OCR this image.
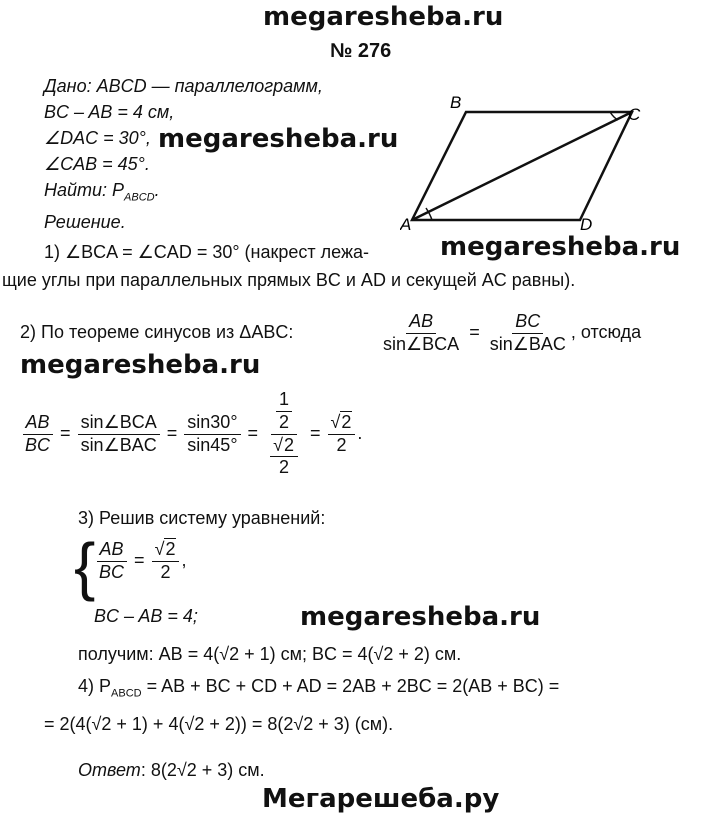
megaresheba.ru
№ 276
Дано: ABCD — параллелограмм,
BC – AB = 4 см,
∠DAC = 30°, megaresheba.ru
∠CAB = 45°.
Найти: $P_{ABCD}$.
Решение.	A
B
C
D
1) ∠BCA = ∠CAD = 30° (накрест лежа-	megaresheba.ru
щие углы при параллельных прямых BC и AD и секущей AC равны).
2) По теореме синусов из ΔABC:	$\frac{AB}{\text{sin∠BCA}} = \frac{BC}{\text{sin∠BAC}}$ , отсюда
megaresheba.ru
$\frac{AB}{BC} = \frac{\text{sin∠BCA}}{\text{sin∠BAC}} = \frac{\sin 30^\circ}{\sin 45^\circ} = \frac{\frac{1}{2}}{\frac{√2}{2}} = \frac{√2}{2}$ .
3) Решив систему уравнений:
{ $\frac{AB}{BC} = \frac{√2}{2}$ ,
BC – AB = 4;	megaresheba.ru
получим: AB = 4(√2 + 1) см; BC = 4(√2 + 2) см.
4) $P_{ABCD}$ = AB + BC + CD + AD = 2AB + 2BC = 2(AB + BC) =
= 2(4(√2 + 1) + 4(√2 + 2)) = 8(2√2 + 3) (см).
Ответ: 8(2√2 + 3) см.
Мегарешеба.ру
